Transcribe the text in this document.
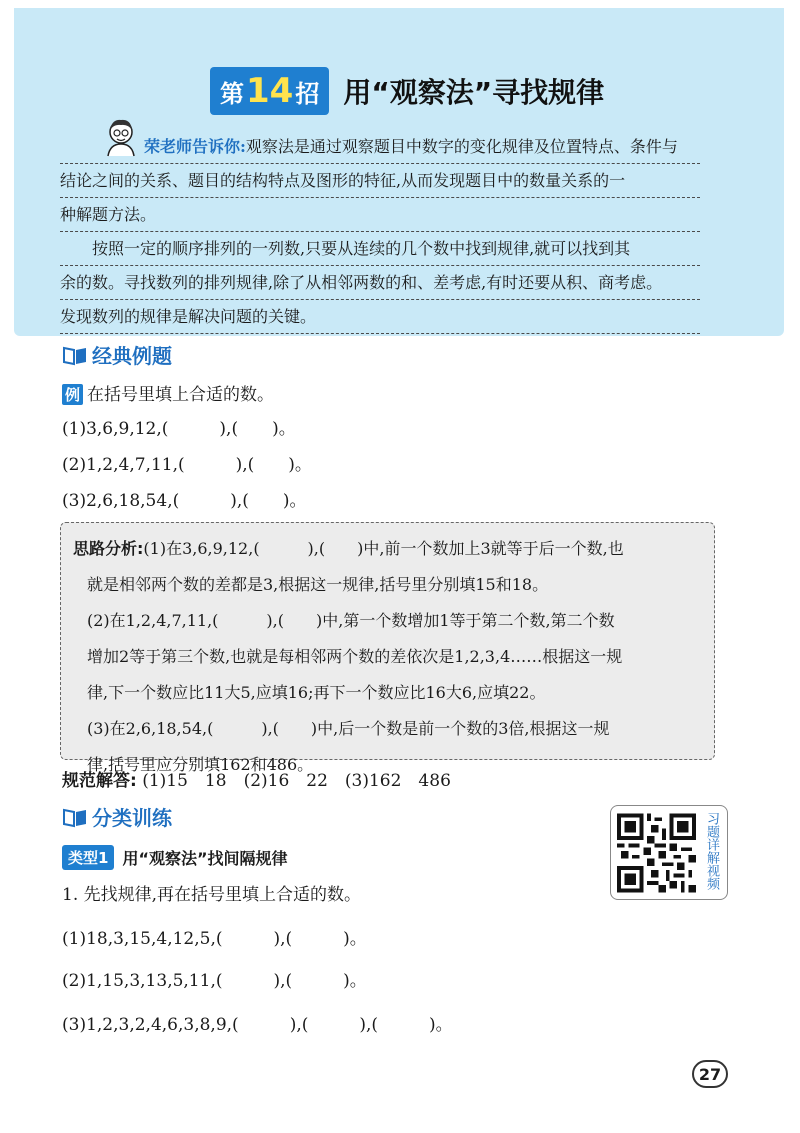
第 14 招 用“观察法”寻找规律
荣老师告诉你:观察法是通过观察题目中数字的变化规律及位置特点、条件与
结论之间的关系、题目的结构特点及图形的特征,从而发现题目中的数量关系的一
种解题方法。
　　按照一定的顺序排列的一列数,只要从连续的几个数中找到规律,就可以找到其
余的数。寻找数列的排列规律,除了从相邻两数的和、差考虑,有时还要从积、商考虑。
发现数列的规律是解决问题的关键。
经典例题
例 在括号里填上合适的数。
(1)3,6,9,12,(　　　),(　　)。
(2)1,2,4,7,11,(　　　),(　　)。
(3)2,6,18,54,(　　　),(　　)。
思路分析:(1)在3,6,9,12,(　　　),(　　)中,前一个数加上3就等于后一个数,也
就是相邻两个数的差都是3,根据这一规律,括号里分别填15和18。
(2)在1,2,4,7,11,(　　　),(　　)中,第一个数增加1等于第二个数,第二个数
增加2等于第三个数,也就是每相邻两个数的差依次是1,2,3,4……根据这一规
律,下一个数应比11大5,应填16;再下一个数应比16大6,应填22。
(3)在2,6,18,54,(　　　),(　　)中,后一个数是前一个数的3倍,根据这一规
律,括号里应分别填162和486。
规范解答: (1)15　18　(2)16　22　(3)162　486
分类训练
类型1 用“观察法”找间隔规律	习题详解视频
1. 先找规律,再在括号里填上合适的数。
(1)18,3,15,4,12,5,(　　　),(　　　)。
(2)1,15,3,13,5,11,(　　　),(　　　)。
(3)1,2,3,2,4,6,3,8,9,(　　　),(　　　),(　　　)。
27
